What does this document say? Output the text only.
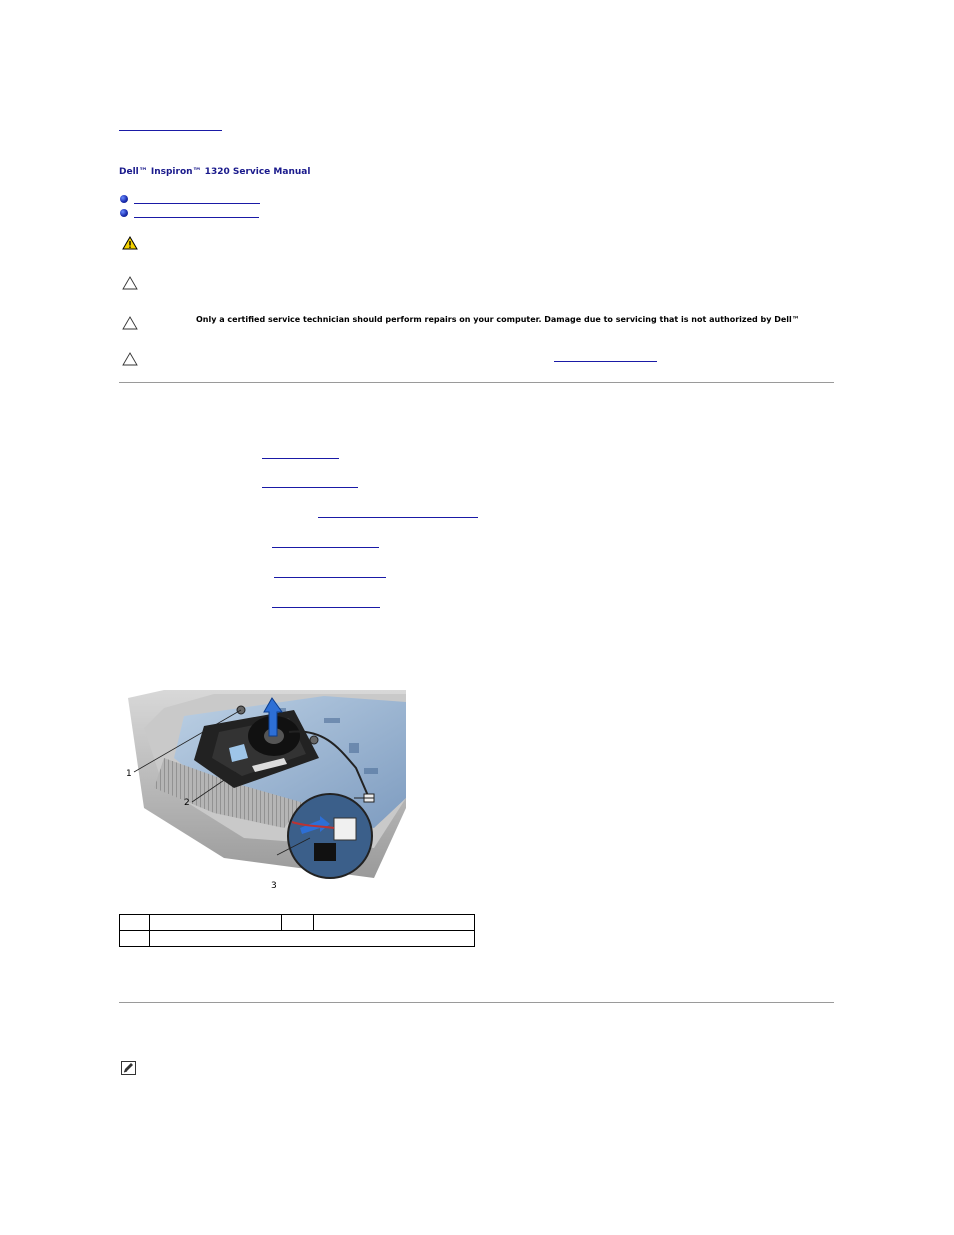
Dell™ Inspiron™ 1320 Service Manual
Only a certified service technician should perform repairs on your computer. Damage due to servicing that is not authorized by Dell™
1
2
3
